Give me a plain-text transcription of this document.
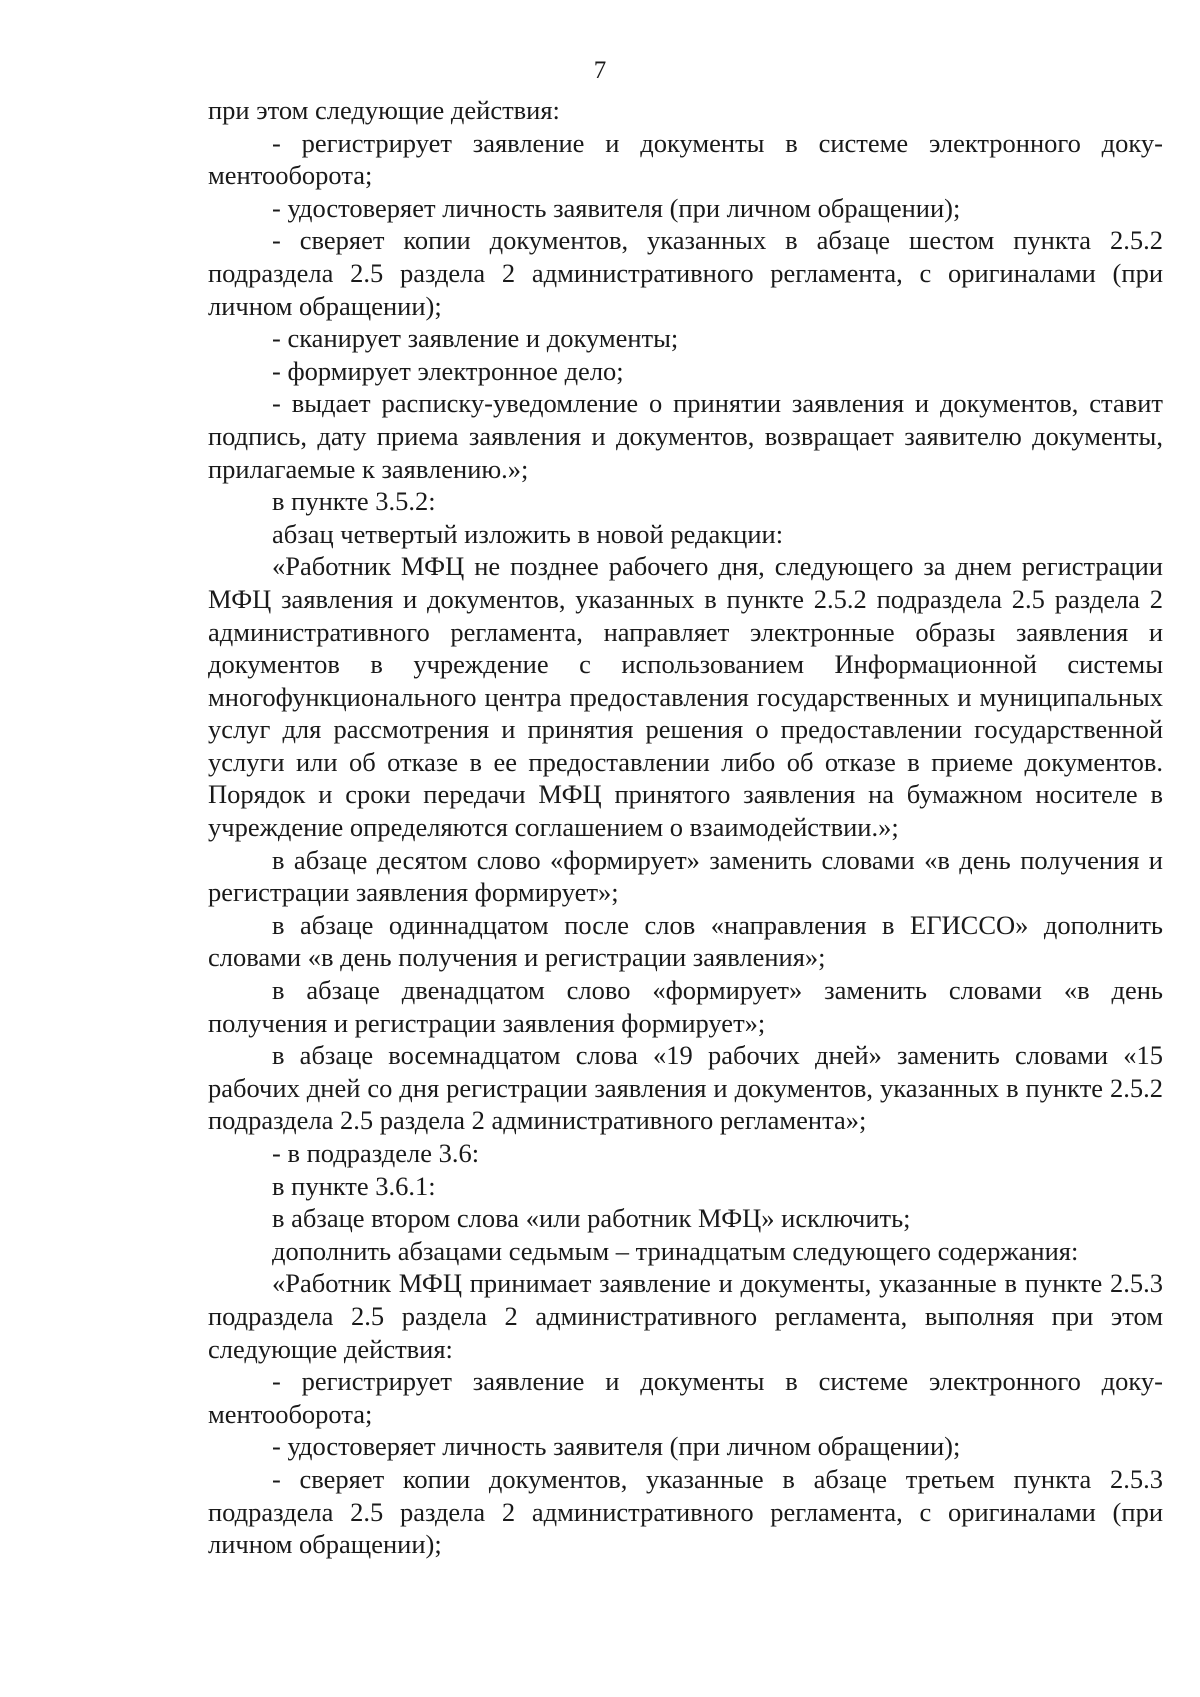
7

при этом следующие действия:

- регистрирует заявление и документы в системе электронного документооборота;

- удостоверяет личность заявителя (при личном обращении);

- сверяет копии документов, указанных в абзаце шестом пункта 2.5.2 подраздела 2.5 раздела 2 административного регламента, с оригиналами (при личном обращении);

- сканирует заявление и документы;

- формирует электронное дело;

- выдает расписку-уведомление о принятии заявления и документов, ставит подпись, дату приема заявления и документов, возвращает заявителю документы, прилагаемые к заявлению.»;

в пункте 3.5.2:

абзац четвертый изложить в новой редакции:

«Работник МФЦ не позднее рабочего дня, следующего за днем регистрации МФЦ заявления и документов, указанных в пункте 2.5.2 подраздела 2.5 раздела 2 административного регламента, направляет электронные образы заявления и документов в учреждение с использованием Информационной системы многофункционального центра предоставления государственных и муниципальных услуг для рассмотрения и принятия решения о предоставлении государственной услуги или об отказе в ее предоставлении либо об отказе в приеме документов. Порядок и сроки передачи МФЦ принятого заявления на бумажном носителе в учреждение определяются соглашением о взаимодействии.»;

в абзаце десятом слово «формирует» заменить словами «в день получения и регистрации заявления формирует»;

в абзаце одиннадцатом после слов «направления в ЕГИССО» дополнить словами «в день получения и регистрации заявления»;

в абзаце двенадцатом слово «формирует» заменить словами «в день получения и регистрации заявления формирует»;

в абзаце восемнадцатом слова «19 рабочих дней» заменить словами «15 рабочих дней со дня регистрации заявления и документов, указанных в пункте 2.5.2 подраздела 2.5 раздела 2 административного регламента»;

- в подразделе 3.6:

в пункте 3.6.1:

в абзаце втором слова «или работник МФЦ» исключить;

дополнить абзацами седьмым – тринадцатым следующего содержания:

«Работник МФЦ принимает заявление и документы, указанные в пункте 2.5.3 подраздела 2.5 раздела 2 административного регламента, выполняя при этом следующие действия:

- регистрирует заявление и документы в системе электронного документооборота;

- удостоверяет личность заявителя (при личном обращении);

- сверяет копии документов, указанные в абзаце третьем пункта 2.5.3 подраздела 2.5 раздела 2 административного регламента, с оригиналами (при личном обращении);
